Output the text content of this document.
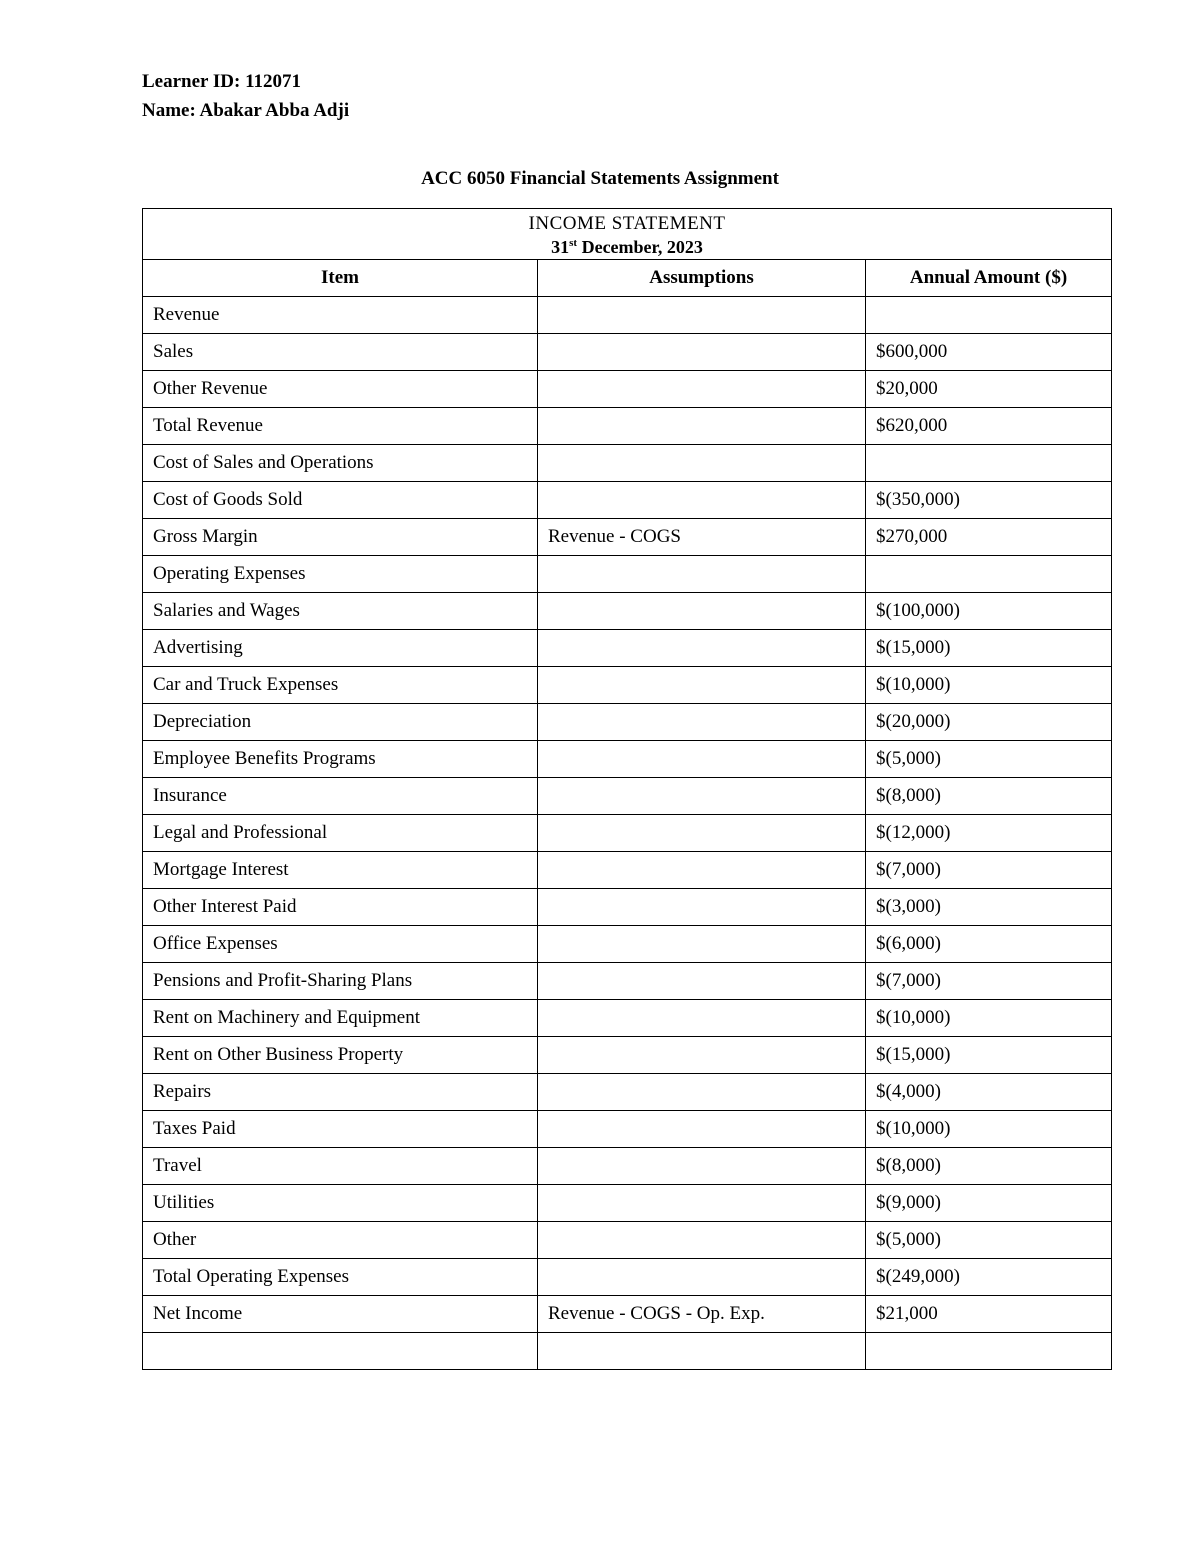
Learner ID: 112071
Name: Abakar Abba Adji
ACC 6050 Financial Statements Assignment
INCOME STATEMENT
31st December, 2023		

Item	Assumptions	Annual Amount ($)
Revenue		
Sales		$600,000
Other Revenue		$20,000
Total Revenue		$620,000
Cost of Sales and Operations		
Cost of Goods Sold		$(350,000)
Gross Margin	Revenue - COGS	$270,000
Operating Expenses		
Salaries and Wages		$(100,000)
Advertising		$(15,000)
Car and Truck Expenses		$(10,000)
Depreciation		$(20,000)
Employee Benefits Programs		$(5,000)
Insurance		$(8,000)
Legal and Professional		$(12,000)
Mortgage Interest		$(7,000)
Other Interest Paid		$(3,000)
Office Expenses		$(6,000)
Pensions and Profit-Sharing Plans		$(7,000)
Rent on Machinery and Equipment		$(10,000)
Rent on Other Business Property		$(15,000)
Repairs		$(4,000)
Taxes Paid		$(10,000)
Travel		$(8,000)
Utilities		$(9,000)
Other		$(5,000)
Total Operating Expenses		$(249,000)
Net Income	Revenue - COGS - Op. Exp.	$21,000
